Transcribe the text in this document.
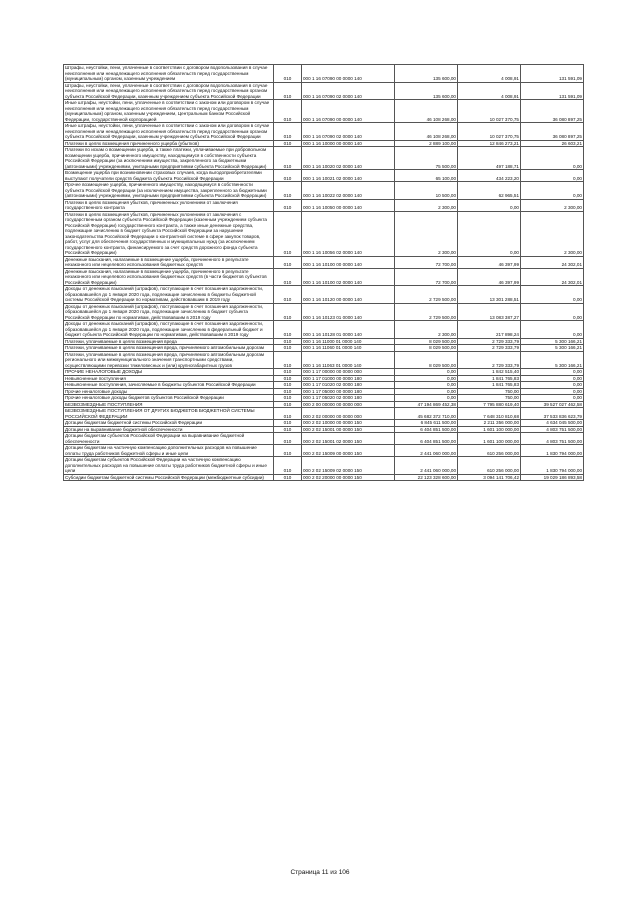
Штрафы, неустойки, пени, уплаченные в соответствии с договором водопользования в случае неисполнения или ненадлежащего исполнения обязательств перед государственным (муниципальным) органом, казенным учреждением	010	000 1 16 07090 00 0000 140	135 600,00	4 008,91	131 591,09
Штрафы, неустойки, пени, уплаченные в соответствии с договором водопользования в случае неисполнения или ненадлежащего исполнения обязательств перед государственным органом субъекта Российской Федерации, казенным учреждением субъекта Российской Федерации	010	000 1 16 07090 02 0000 140	135 600,00	4 008,91	131 591,09
Иные штрафы, неустойки, пени, уплаченные в соответствии с законом или договором в случае неисполнения или ненадлежащего исполнения обязательств перед государственным (муниципальным) органом, казенным учреждением, Центральным банком Российской Федерации, государственной корпорацией	010	000 1 16 07090 00 0000 140	46 108 268,00	10 027 370,75	36 080 897,25
Иные штрафы, неустойки, пени, уплаченные в соответствии с законом или договором в случае неисполнения или ненадлежащего исполнения обязательств перед государственным органом субъекта Российской Федерации, казенным учреждением субъекта Российской Федерации	010	000 1 16 07090 02 0000 140	46 108 268,00	10 027 370,75	36 080 897,25
Платежи в целях возмещения причиненного ущерба (убытков)	010	000 1 16 10000 00 0000 140	2 889 100,00	12 846 273,21	26 603,21
Платежи по искам о возмещении ущерба, а также платежи, уплачиваемые при добровольном возмещении ущерба, причиненного имуществу, находящемуся в собственности субъекта Российской Федерации (за исключением имущества, закрепленного за бюджетными (автономными) учреждениями, унитарными предприятиями субъекта Российской Федерации)	010	000 1 16 10020 02 0000 140	75 500,00	497 188,71	0,00
Возмещение ущерба при возникновении страховых случаев, когда выгодоприобретателями выступают получатели средств бюджета субъекта Российской Федерации	010	000 1 16 10021 02 0000 140	65 100,00	434 223,20	0,00
Прочее возмещение ущерба, причиненного имуществу, находящемуся в собственности субъекта Российской Федерации (за исключением имущества, закрепленного за бюджетными (автономными) учреждениями, унитарными предприятиями субъекта Российской Федерации)	010	000 1 16 10022 02 0000 140	10 500,00	62 965,51	0,00
Платежи в целях возмещения убытков, причиненных уклонением от заключения государственного контракта	010	000 1 16 10050 00 0000 140	2 300,00	0,00	2 300,00
Платежи в целях возмещения убытков, причиненных уклонением от заключения с государственным органом субъекта Российской Федерации (казенным учреждением субъекта Российской Федерации) государственного контракта, а также иные денежные средства, подлежащие зачислению в бюджет субъекта Российской Федерации за нарушение законодательства Российской Федерации о контрактной системе в сфере закупок товаров, работ, услуг для обеспечения государственных и муниципальных нужд (за исключением государственного контракта, финансируемого за счет средств дорожного фонда субъекта Российской Федерации)	010	000 1 16 10056 02 0000 140	2 300,00	0,00	2 300,00
Денежные взыскания, налагаемые в возмещение ущерба, причиненного в результате незаконного или нецелевого использования бюджетных средств	010	000 1 16 10100 00 0000 140	72 700,00	46 397,99	24 302,01
Денежные взыскания, налагаемые в возмещение ущерба, причиненного в результате незаконного или нецелевого использования бюджетных средств (в части бюджетов субъектов Российской Федерации)	010	000 1 16 10100 02 0000 140	72 700,00	46 397,99	24 302,01
Доходы от денежных взысканий (штрафов), поступающие в счет погашения задолженности, образовавшейся до 1 января 2020 года, подлежащие зачислению в бюджеты бюджетной системы Российской Федерации по нормативам, действовавшим в 2019 году	010	000 1 16 10120 00 0000 140	2 729 500,00	13 301 288,51	0,00
Доходы от денежных взысканий (штрафов), поступающие в счет погашения задолженности, образовавшейся до 1 января 2020 года, подлежащие зачислению в бюджет субъекта Российской Федерации по нормативам, действовавшим в 2019 году	010	000 1 16 10123 01 0000 140	2 729 500,00	13 083 387,27	0,00
Доходы от денежных взысканий (штрафов), поступающие в счет погашения задолженности, образовавшейся до 1 января 2020 года, подлежащие зачислению в федеральный бюджет и бюджет субъекта Российской Федерации по нормативам, действовавшим в 2019 году	010	000 1 16 10128 01 0000 140	2 300,00	217 898,24	0,00
Платежи, уплачиваемые в целях возмещения вреда	010	000 1 16 11000 01 0000 140	8 029 500,00	2 729 333,79	5 300 166,21
Платежи, уплачиваемые в целях возмещения вреда, причиняемого автомобильным дорогам	010	000 1 16 11060 01 0000 140	8 029 500,00	2 729 333,79	5 300 166,21
Платежи, уплачиваемые в целях возмещения вреда, причиняемого автомобильным дорогам регионального или межмуниципального значения транспортными средствами, осуществляющими перевозки тяжеловесных и (или) крупногабаритных грузов	010	000 1 16 11063 01 0000 140	8 029 500,00	2 729 333,79	5 300 166,21
ПРОЧИЕ НЕНАЛОГОВЫЕ ДОХОДЫ	010	000 1 17 00000 00 0000 000	0,00	1 842 515,40	0,00
Невыясненные поступления	010	000 1 17 01000 00 0000 180	0,00	1 841 765,83	0,00
Невыясненные поступления, зачисляемые в бюджеты субъектов Российской Федерации	010	000 1 17 01020 02 0000 180	0,00	1 841 765,83	0,00
Прочие неналоговые доходы	010	000 1 17 05000 00 0000 180	0,00	750,00	0,00
Прочие неналоговые доходы бюджетов субъектов Российской Федерации	010	000 1 17 05020 02 0000 180	0,00	750,00	0,00
БЕЗВОЗМЕЗДНЫЕ ПОСТУПЛЕНИЯ	010	000 2 00 00000 00 0000 000	47 194 869 452,38	7 795 880 619,40	39 527 027 462,58
БЕЗВОЗМЕЗДНЫЕ ПОСТУПЛЕНИЯ ОТ ДРУГИХ БЮДЖЕТОВ БЮДЖЕТНОЙ СИСТЕМЫ РОССИЙСКОЙ ФЕДЕРАЦИИ	010	000 2 02 00000 00 0000 000	45 682 372 710,00	7 648 310 810,68	37 533 836 623,79
Дотации бюджетам бюджетной системы Российской Федерации	010	000 2 02 10000 00 0000 150	6 845 611 500,00	2 211 356 000,00	4 634 045 500,00
Дотации на выравнивание бюджетной обеспеченности	010	000 2 02 15001 00 0000 150	6 404 851 500,00	1 601 100 000,00	4 803 751 500,00
Дотации бюджетам субъектов Российской Федерации на выравнивание бюджетной обеспеченности	010	000 2 02 15001 02 0000 150	6 404 851 500,00	1 601 100 000,00	4 803 751 500,00
Дотации бюджетам на частичную компенсацию дополнительных расходов на повышение оплаты труда работников бюджетной сферы и иные цели	010	000 2 02 15009 00 0000 150	2 441 060 000,00	610 256 000,00	1 830 794 000,00
Дотации бюджетам субъектов Российской Федерации на частичную компенсацию дополнительных расходов на повышение оплаты труда работников бюджетной сферы и иные цели	010	000 2 02 15009 02 0000 150	2 441 060 000,00	610 256 000,00	1 830 794 000,00
Субсидии бюджетам бюджетной системы Российской Федерации (межбюджетные субсидии)	010	000 2 02 20000 00 0000 150	22 123 328 600,00	3 094 141 706,42	19 029 186 893,58
Страница 11 из 106
